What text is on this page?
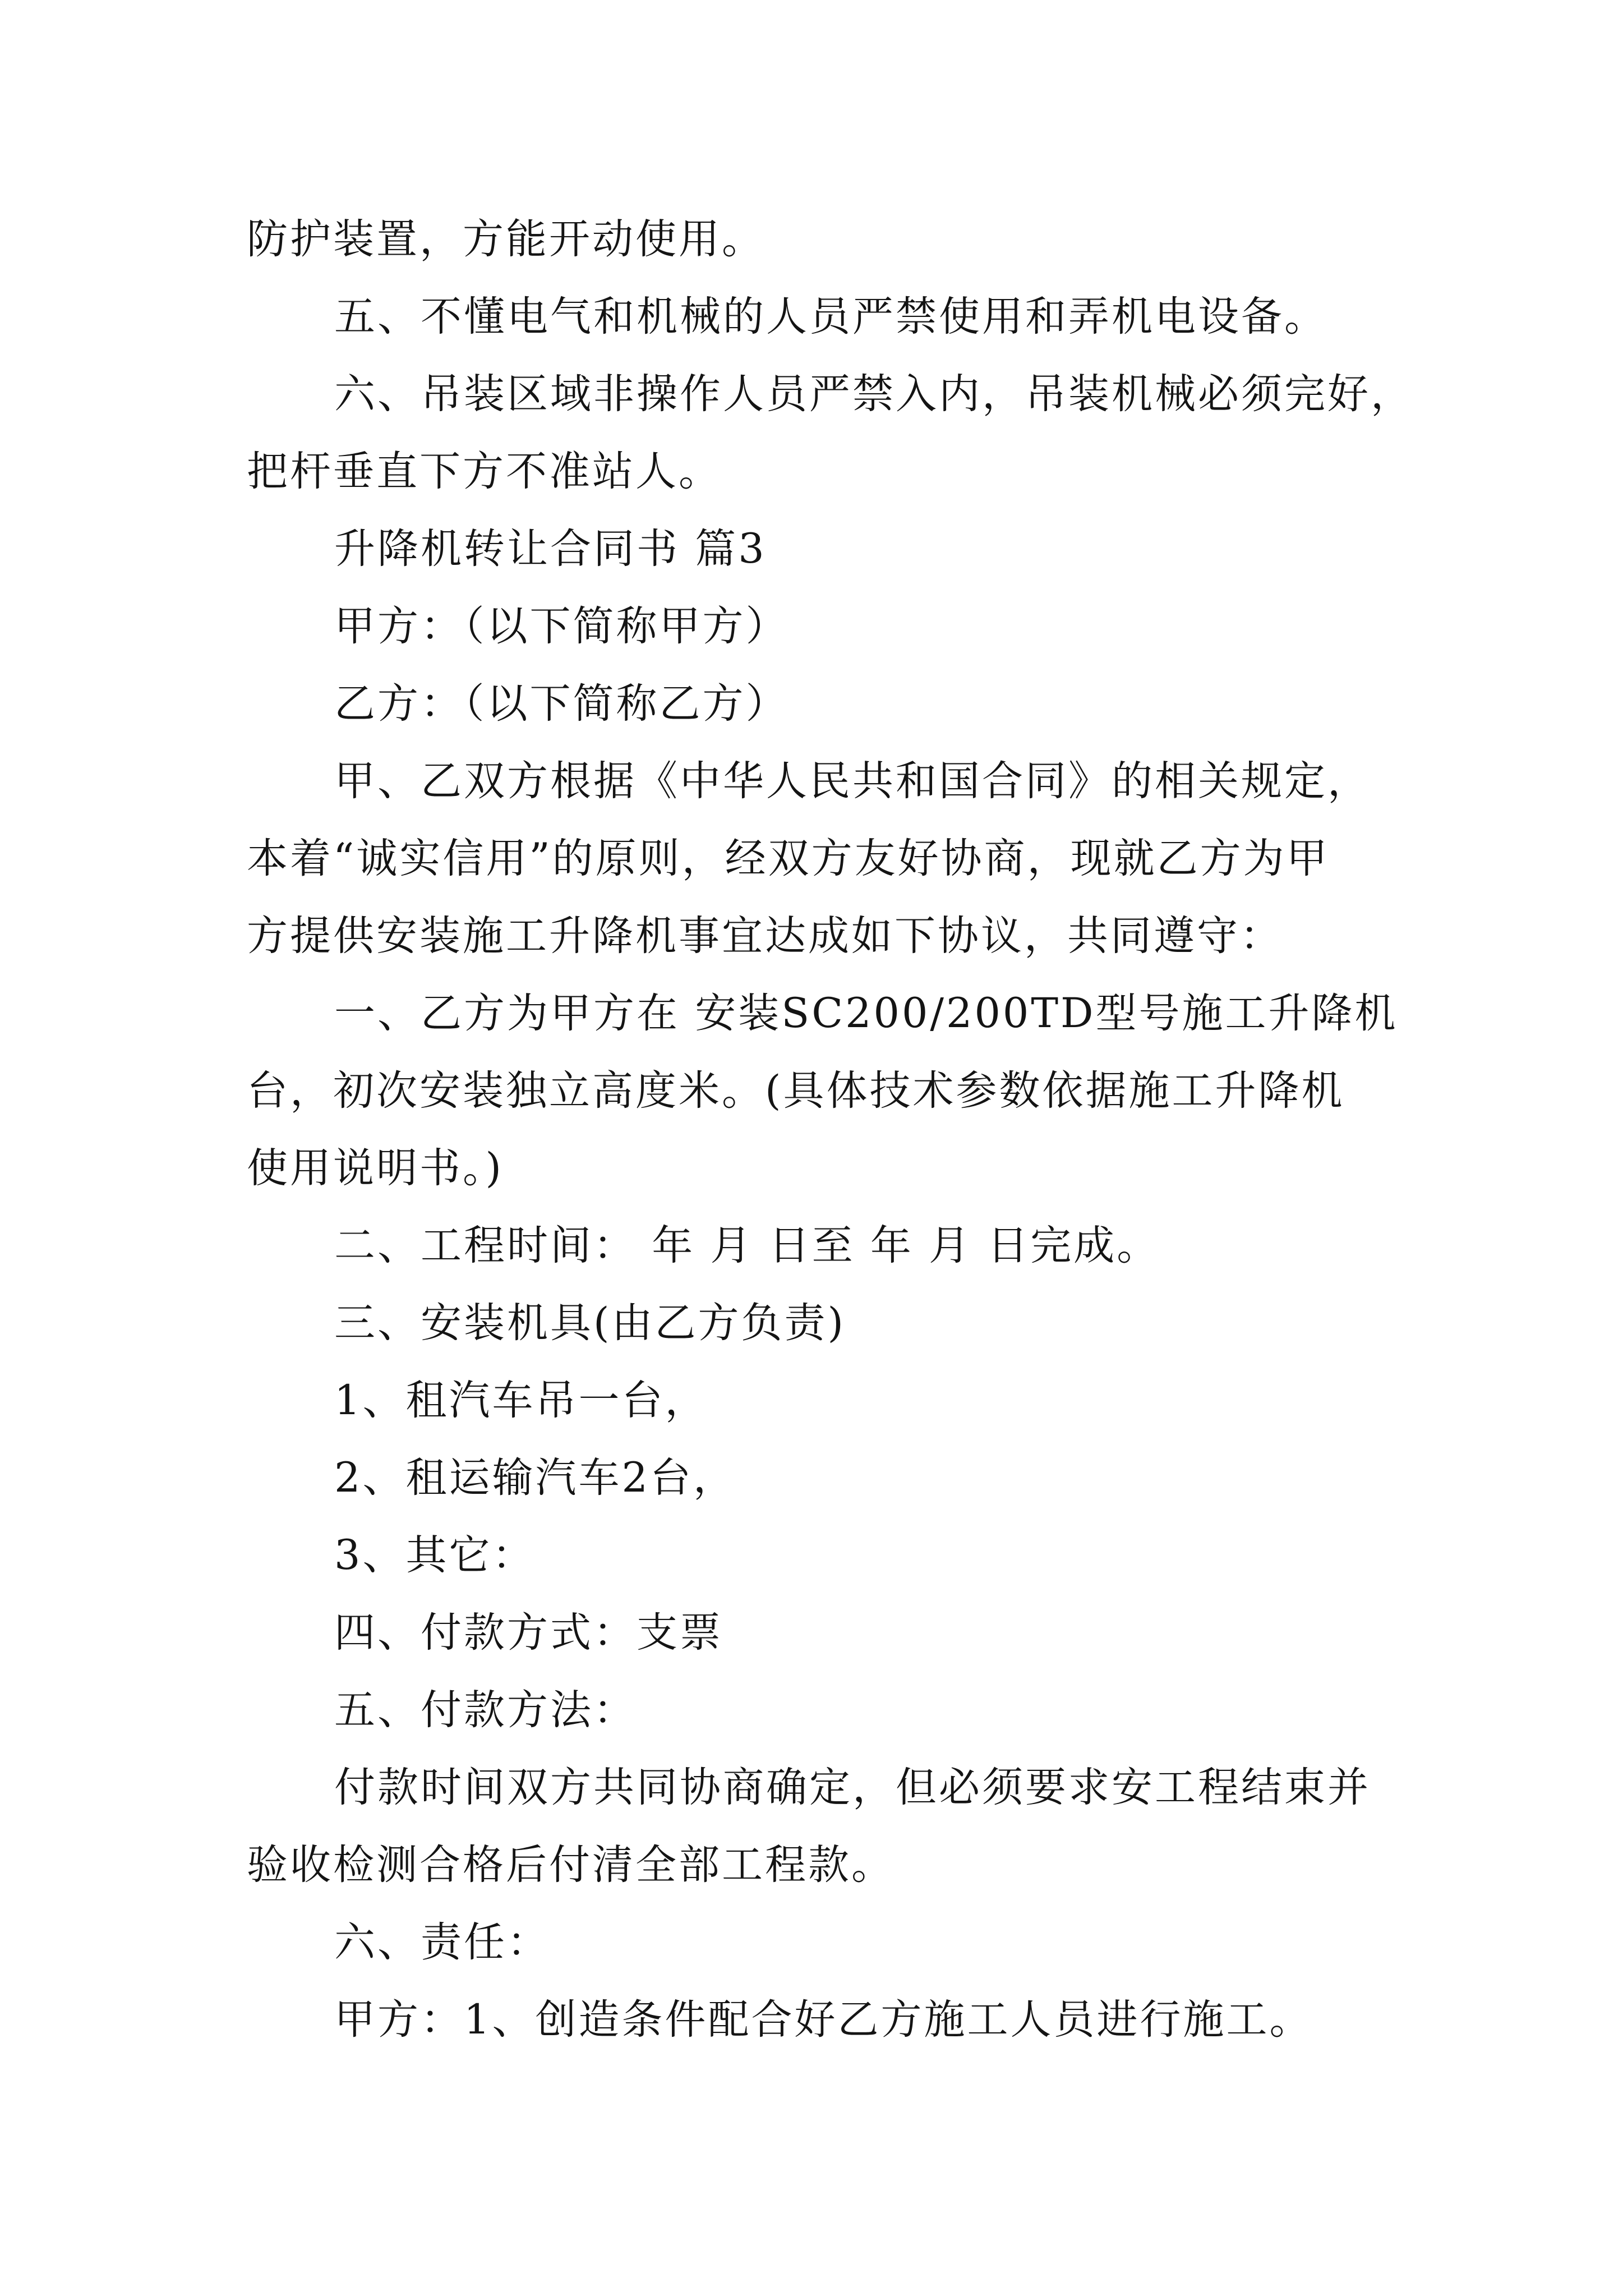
防护装置，方能开动使用。
五、不懂电气和机械的人员严禁使用和弄机电设备。
六、吊装区域非操作人员严禁入内，吊装机械必须完好，
把杆垂直下方不准站人。
升降机转让合同书 篇3
甲方：（以下简称甲方）
乙方：（以下简称乙方）
甲、乙双方根据《中华人民共和国合同》的相关规定，
本着“诚实信用”的原则，经双方友好协商，现就乙方为甲
方提供安装施工升降机事宜达成如下协议，共同遵守：
一、乙方为甲方在 安装SC200/200TD型号施工升降机
台，初次安装独立高度米。(具体技术参数依据施工升降机
使用说明书。)
二、工程时间： 年 月 日至 年 月 日完成。
三、安装机具(由乙方负责)
1、租汽车吊一台，
2、租运输汽车2台，
3、其它：
四、付款方式：支票
五、付款方法：
付款时间双方共同协商确定，但必须要求安工程结束并
验收检测合格后付清全部工程款。
六、责任：
甲方：1、创造条件配合好乙方施工人员进行施工。
